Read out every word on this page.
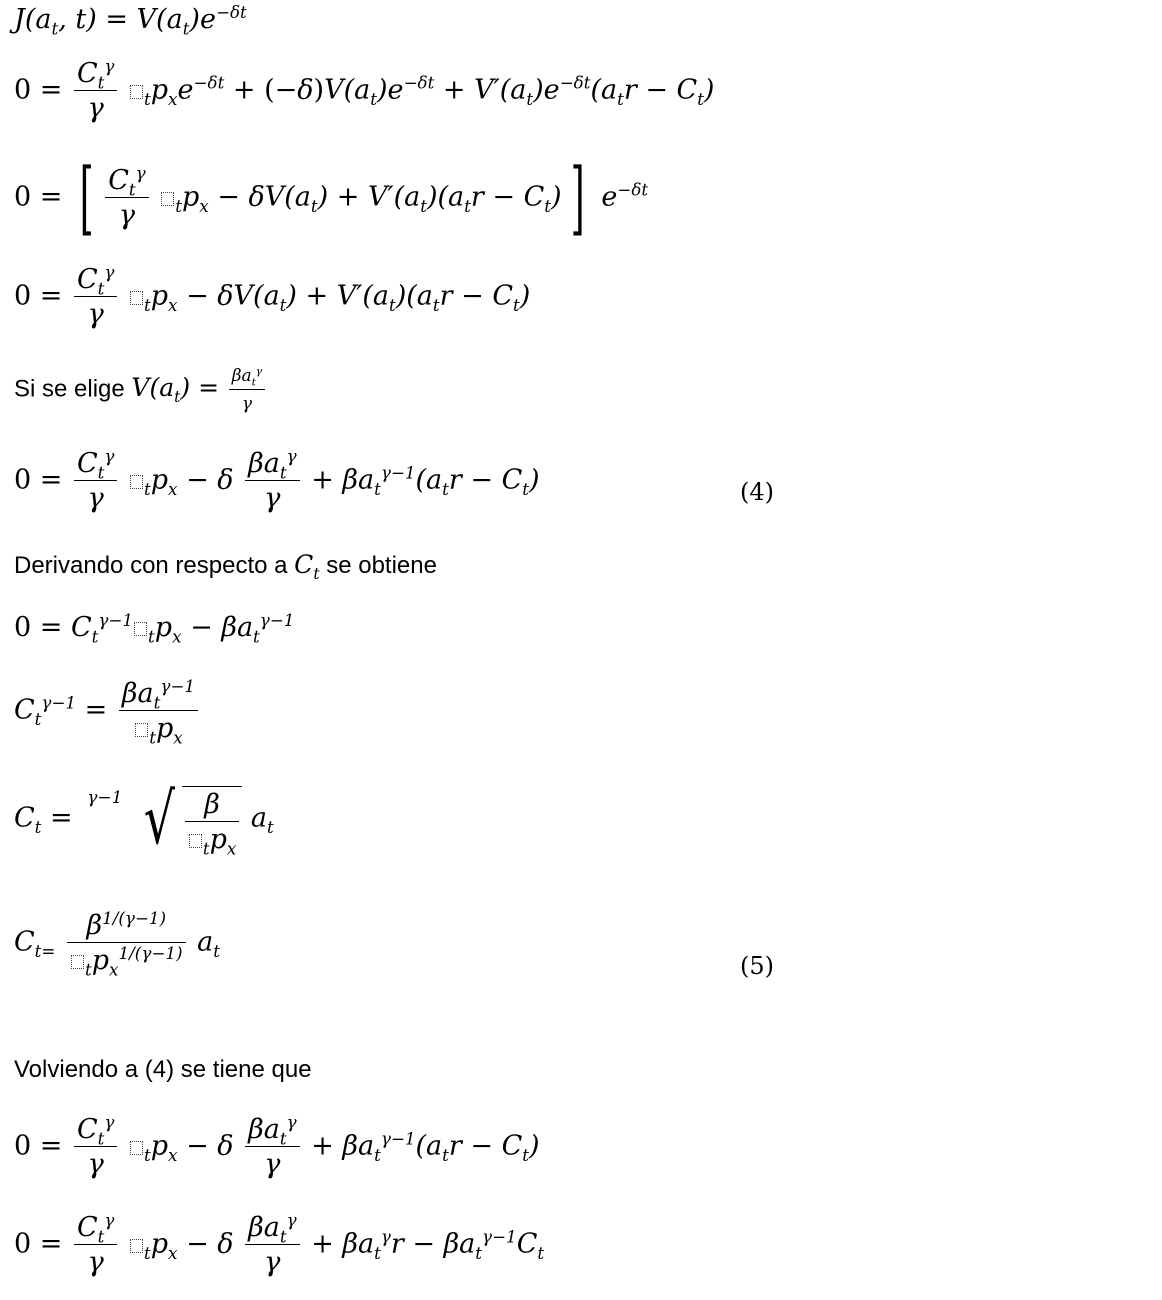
$J(a_t$, $t) = V(a_t)e^{-\delta t}$
$0 = \frac{C_t^\gamma}{\gamma} _tp_xe^{-\delta t} + (-\delta)V(a_t)e^{-\delta t} + V'(a_t)e^{-\delta t}(a_tr - C_t)$
0 = [ $\frac{C_t^\gamma}{\gamma} _tp_x - \delta V(a_t) + V'(a_t)(a_tr - C_t)$ ] $e^{-\delta t}$
$0 = \frac{C_t^\gamma}{\gamma} _tp_x - \delta V(a_t) + V'(a_t)(a_tr - C_t)$
Si se elige $V(a_t) = \frac{\beta a_t^\gamma}{\gamma}$
$0 = \frac{C_t^\gamma}{\gamma} _tp_x - \delta \frac{\beta a_t^\gamma}{\gamma} + \beta a_t^{\gamma-1}(a_tr - C_t)$	(4)
Derivando con respecto a $C_t$ se obtiene
$0 = C_t^{\gamma-1}_tp_x - \beta a_t^{\gamma-1}$
$C_t^{\gamma-1} = \frac{\beta a_t^{\gamma-1}}{_tp_x}$
$C_t$ =
γ−1 √ $\frac{\beta}{_tp_x} a_t$
$C_{t=} \frac{\beta^{1/(\gamma-1)}}{_tp_x^{1/(\gamma-1)}} a_t$
(5)
Volviendo a (4) se tiene que
$0 = \frac{C_t^\gamma}{\gamma} _tp_x - \delta \frac{\beta a_t^\gamma}{\gamma} + \beta a_t^{\gamma-1}(a_tr - C_t)$
$0 = \frac{C_t^\gamma}{\gamma} _tp_x - \delta \frac{\beta a_t^\gamma}{\gamma} + \beta a_t^\gamma r - \beta a_t^{\gamma-1}C_t$
